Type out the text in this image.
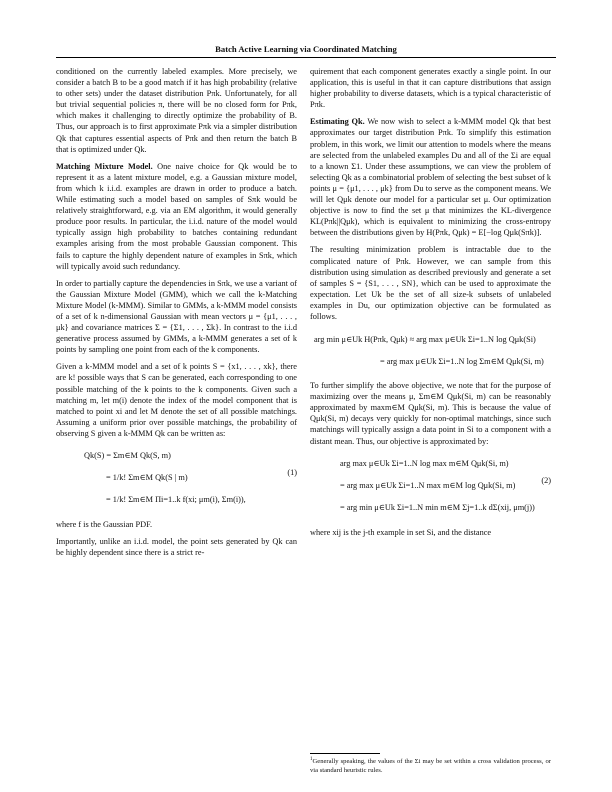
Batch Active Learning via Coordinated Matching

conditioned on the currently labeled examples. More precisely, we consider a batch B to be a good match if it has high probability (relative to other sets) under the dataset distribution Pπk. Unfortunately, for all but trivial sequential policies π, there will be no closed form for Pπk, which makes it challenging to directly optimize the probability of B. Thus, our approach is to first approximate Pπk via a simpler distribution Qk that captures essential aspects of Pπk and then return the batch B that is optimized under Qk.

Matching Mixture Model. One naive choice for Qk would be to represent it as a latent mixture model, e.g. a Gaussian mixture model, from which k i.i.d. examples are drawn in order to produce a batch. While estimating such a model based on samples of Sπk would be relatively straightforward, e.g. via an EM algorithm, it would generally produce poor results. In particular, the i.i.d. nature of the model would typically assign high probability to batches containing redundant examples arising from the most probable Gaussian component. This fails to capture the highly dependent nature of examples in Sπk, which will typically avoid such redundancy.

In order to partially capture the dependencies in Sπk, we use a variant of the Gaussian Mixture Model (GMM), which we call the k-Matching Mixture Model (k-MMM). Similar to GMMs, a k-MMM model consists of a set of k n-dimensional Gaussian with mean vectors μ = {μ1, . . . , μk} and covariance matrices Σ = {Σ1, . . . , Σk}. In contrast to the i.i.d generative process assumed by GMMs, a k-MMM generates a set of k points by sampling one point from each of the k components.

Given a k-MMM model and a set of k points S = {x1, . . . , xk}, there are k! possible ways that S can be generated, each corresponding to one possible matching of the k points to the k components. Given such a matching m, let m(i) denote the index of the model component that is matched to point xi and let M denote the set of all possible matchings. Assuming a uniform prior over possible matchings, the probability of observing S given a k-MMM Qk can be written as:

Qk(S) = Σm∈M Qk(S, m)
= 1/k! Σm∈M Qk(S | m)
= 1/k! Σm∈M Πi=1..k f(xi; μm(i), Σm(i)),
(1)

where f is the Gaussian PDF.

Importantly, unlike an i.i.d. model, the point sets generated by Qk can be highly dependent since there is a strict re-

quirement that each component generates exactly a single point. In our application, this is useful in that it can capture distributions that assign higher probability to diverse datasets, which is a typical characteristic of Pπk.

Estimating Qk. We now wish to select a k-MMM model Qk that best approximates our target distribution Pπk. To simplify this estimation problem, in this work, we limit our attention to models where the means are selected from the unlabeled examples Du and all of the Σi are equal to a known Σ1. Under these assumptions, we can view the problem of selecting Qk as a combinatorial problem of selecting the best subset of k points μ = {μ1, . . . , μk} from Du to serve as the component means. We will let Qμk denote our model for a particular set μ. Our optimization objective is now to find the set μ that minimizes the KL-divergence KL(Pπk||Qμk), which is equivalent to minimizing the cross-entropy between the distributions given by H(Pπk, Qμk) = E[−log Qμk(Sπk)].

The resulting minimization problem is intractable due to the complicated nature of Pπk. However, we can sample from this distribution using simulation as described previously and generate a set of samples S = {S1, . . . , SN}, which can be used to approximate the expectation. Let Uk be the set of all size-k subsets of unlabeled examples in Du, our optimization objective can be formulated as follows.

arg min μ∈Uk H(Pπk, Qμk) ≈ arg max μ∈Uk Σi=1..N log Qμk(Si)
= arg max μ∈Uk Σi=1..N log Σm∈M Qμk(Si, m)

To further simplify the above objective, we note that for the purpose of maximizing over the means μ, Σm∈M Qμk(Si, m) can be reasonably approximated by maxm∈M Qμk(Si, m). This is because the value of Qμk(Si, m) decays very quickly for non-optimal matchings, since such matchings will typically assign a data point in Si to a component with a distant mean. Thus, our objective is approximated by:

arg max μ∈Uk Σi=1..N log max m∈M Qμk(Si, m)
= arg max μ∈Uk Σi=1..N max m∈M log Qμk(Si, m)
= arg min μ∈Uk Σi=1..N min m∈M Σj=1..k dΣ(xij, μm(j))
(2)

where xij is the j-th example in set Si, and the distance

$^1$Generally speaking, the values of the Σi may be set within a cross validation process, or via standard heuristic rules.
